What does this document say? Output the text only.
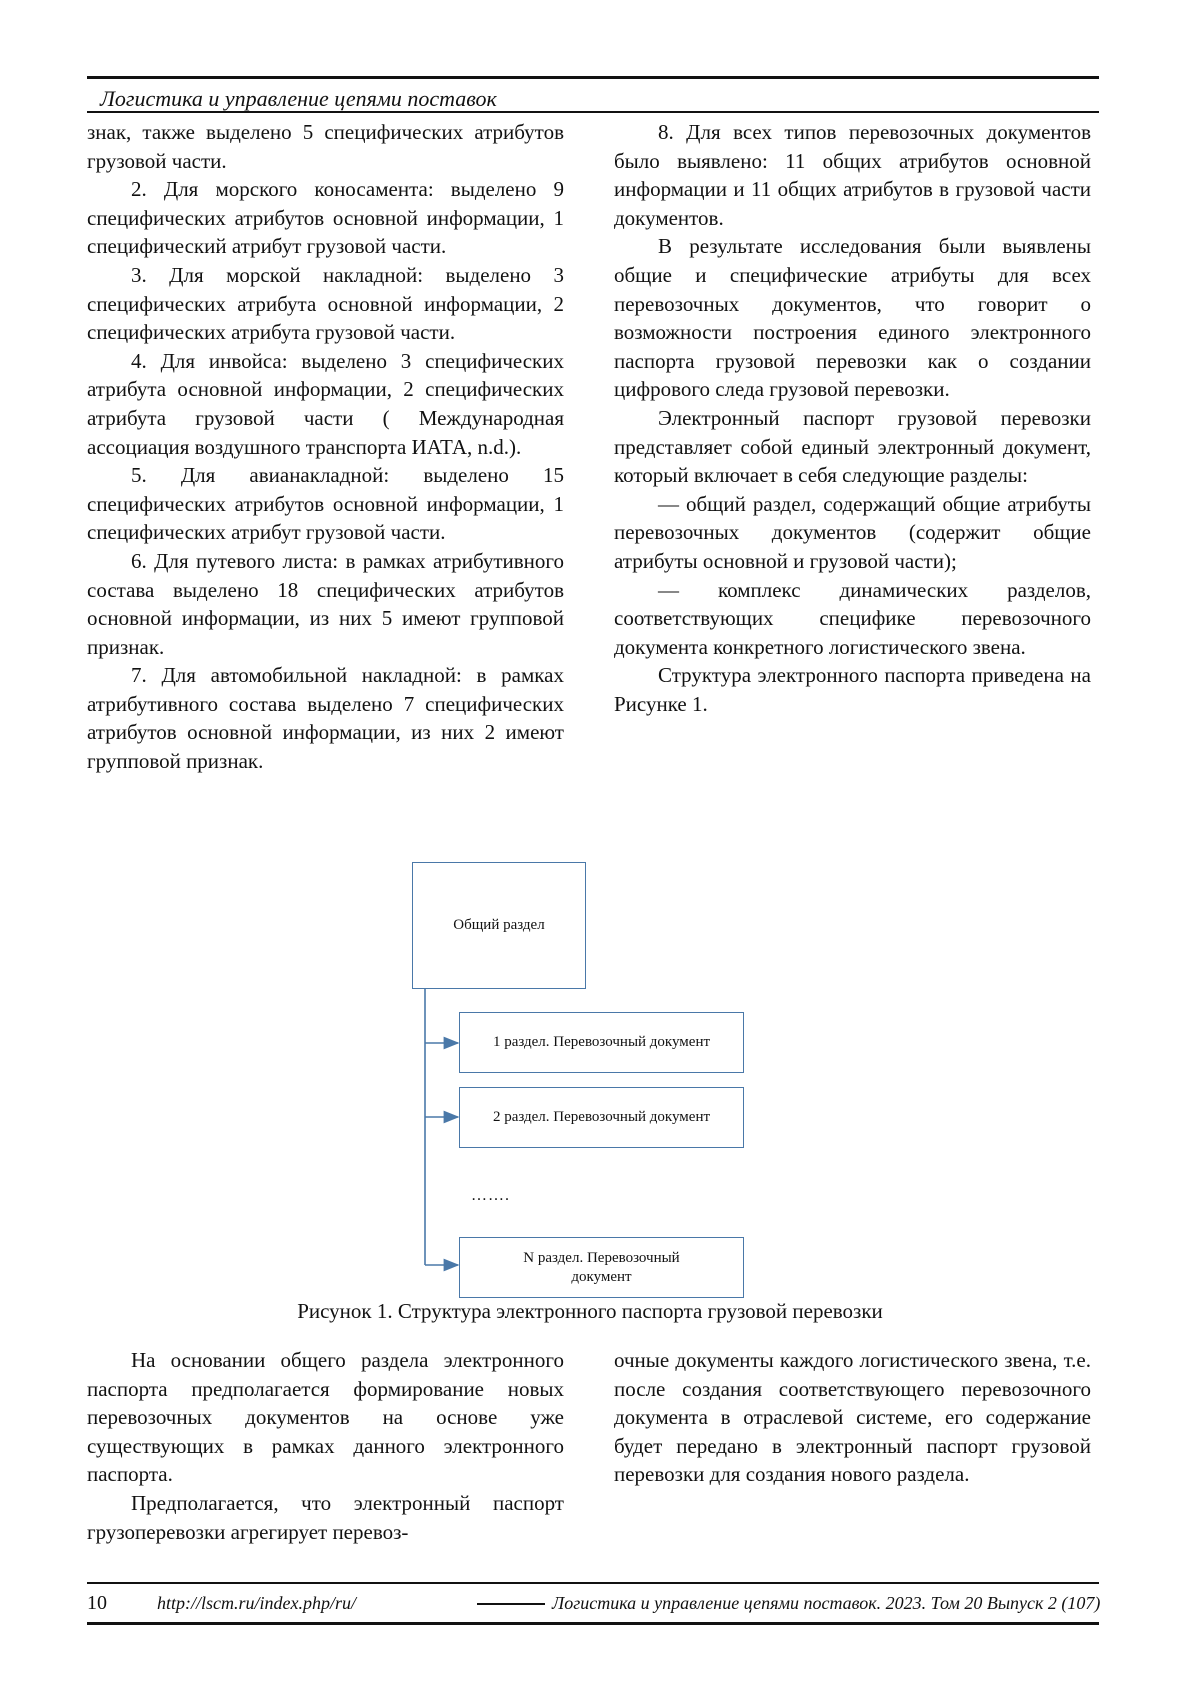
Логистика и управление цепями поставок

знак, также выделено 5 специфических атрибутов грузовой части.

2. Для морского коносамента: выделено 9 специфических атрибутов основной информации, 1 специфический атрибут грузовой части.

3. Для морской накладной: выделено 3 специфических атрибута основной информации, 2 специфических атрибута грузовой части.

4. Для инвойса: выделено 3 специфических атрибута основной информации, 2 специфических атрибута грузовой части ( Международная ассоциация воздушного транспорта ИАТА, n.d.).

5. Для авианакладной: выделено 15 специфических атрибутов основной информации, 1 специфических атрибут грузовой части.

6. Для путевого листа: в рамках атрибутивного состава выделено 18 специфических атрибутов основной информации, из них 5 имеют групповой признак.

7. Для автомобильной накладной: в рамках атрибутивного состава выделено 7 специфических атрибутов основной информации, из них 2 имеют групповой признак.

8. Для всех типов перевозочных документов было выявлено: 11 общих атрибутов основной информации и 11 общих атрибутов в грузовой части документов.

В результате исследования были выявлены общие и специфические атрибуты для всех перевозочных документов, что говорит о возможности построения единого электронного паспорта грузовой перевозки как о создании цифрового следа грузовой перевозки.

Электронный паспорт грузовой перевозки представляет собой единый электронный документ, который включает в себя следующие разделы:

— общий раздел, содержащий общие атрибуты перевозочных документов (содержит общие атрибуты основной и грузовой части);

— комплекс динамических разделов, соответствующих специфике перевозочного документа конкретного логистического звена.

Структура электронного паспорта приведена на Рисунке 1.

Общий раздел
1 раздел. Перевозочный документ
2 раздел. Перевозочный документ
…….
N раздел. Перевозочный документ
Рисунок 1. Структура электронного паспорта грузовой перевозки

На основании общего раздела электронного паспорта предполагается формирование новых перевозочных документов на основе уже существующих в рамках данного электронного паспорта.

Предполагается, что электронный паспорт грузоперевозки агрегирует перевоз-

очные документы каждого логистического звена, т.е. после создания соответствующего перевозочного документа в отраслевой системе, его содержание будет передано в электронный паспорт грузовой перевозки для создания нового раздела.

10	http://lscm.ru/index.php/ru/	Логистика и управление цепями поставок. 2023. Том 20 Выпуск 2 (107)
